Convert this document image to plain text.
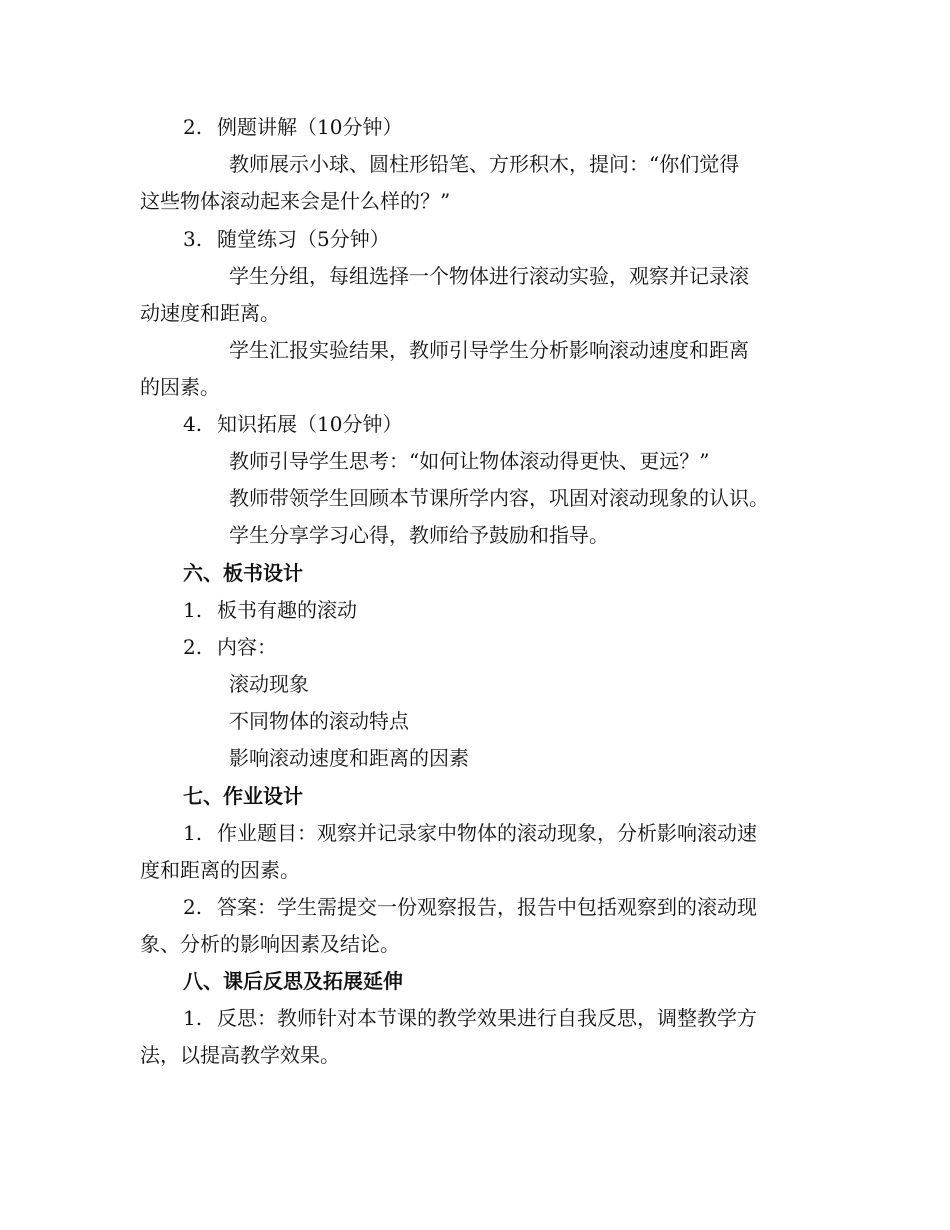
2. 例题讲解（10分钟）
教师展示小球、圆柱形铅笔、方形积木，提问：“你们觉得
这些物体滚动起来会是什么样的？”
3. 随堂练习（5分钟）
学生分组，每组选择一个物体进行滚动实验，观察并记录滚
动速度和距离。
学生汇报实验结果，教师引导学生分析影响滚动速度和距离
的因素。
4. 知识拓展（10分钟）
教师引导学生思考：“如何让物体滚动得更快、更远？”
教师带领学生回顾本节课所学内容，巩固对滚动现象的认识。
学生分享学习心得，教师给予鼓励和指导。
六、板书设计
1. 板书有趣的滚动
2. 内容：
滚动现象
不同物体的滚动特点
影响滚动速度和距离的因素
七、作业设计
1. 作业题目：观察并记录家中物体的滚动现象，分析影响滚动速
度和距离的因素。
2. 答案：学生需提交一份观察报告，报告中包括观察到的滚动现
象、分析的影响因素及结论。
八、课后反思及拓展延伸
1. 反思：教师针对本节课的教学效果进行自我反思，调整教学方
法，以提高教学效果。
